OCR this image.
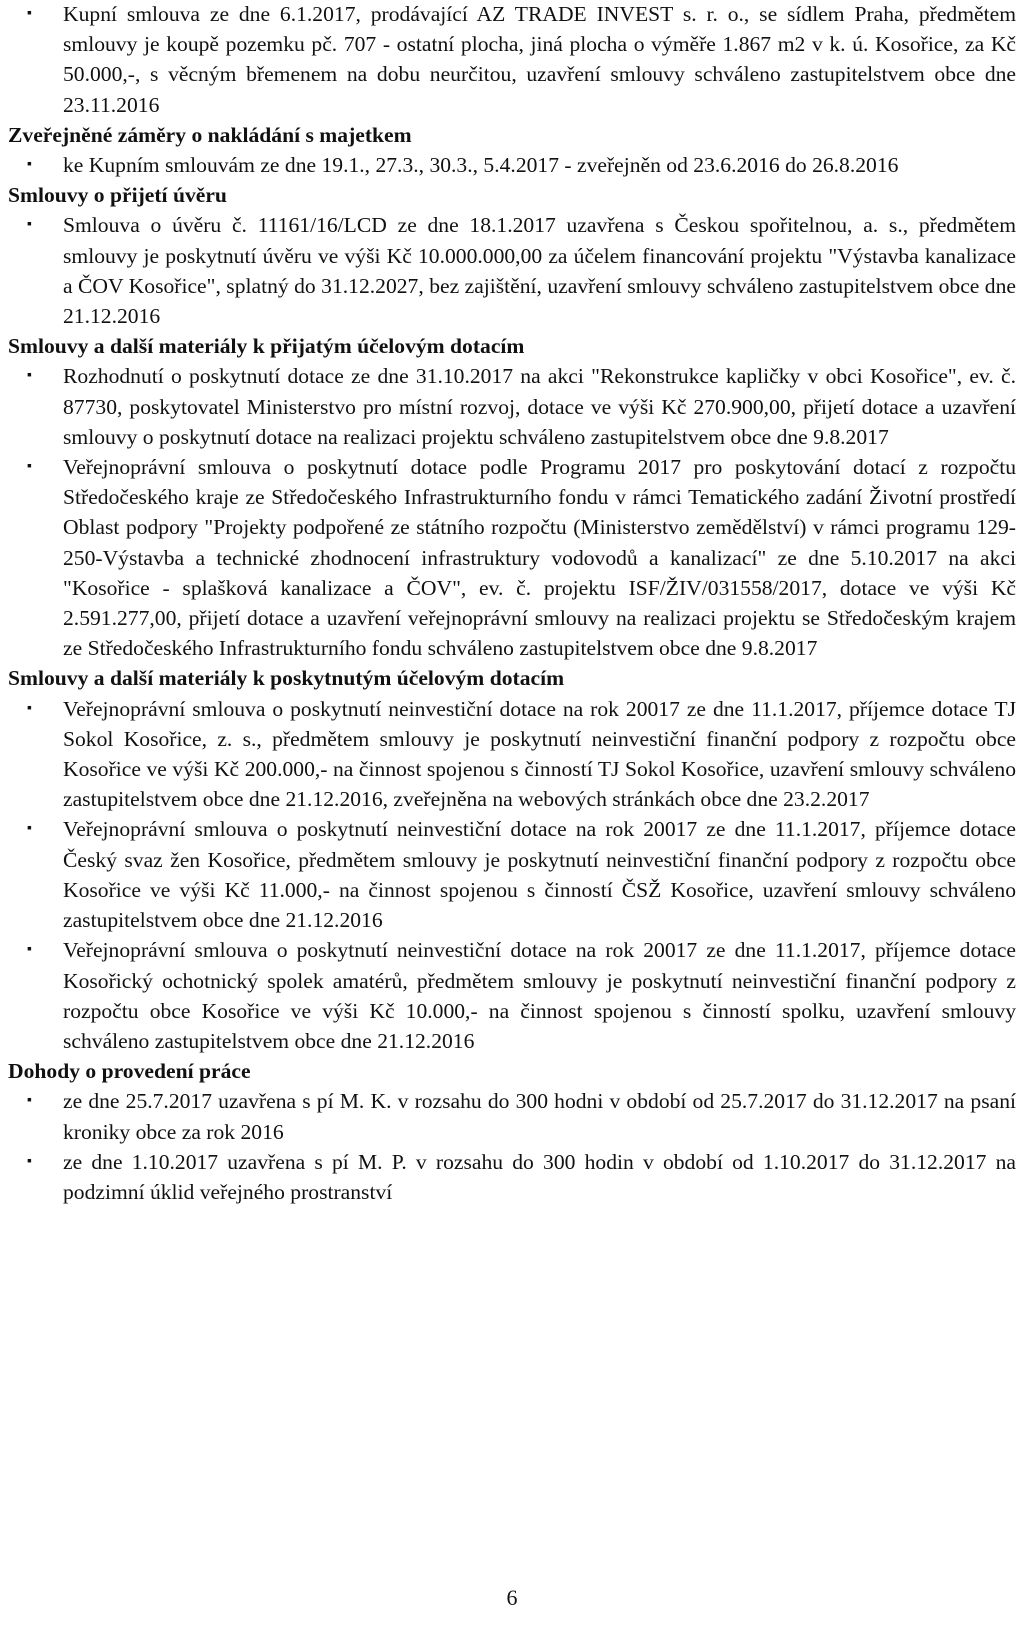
▪ Kupní smlouva ze dne 6.1.2017, prodávající AZ TRADE INVEST s. r. o., se sídlem Praha, předmětem smlouvy je koupě pozemku pč. 707 - ostatní plocha, jiná plocha o výměře 1.867 m2 v k. ú. Kosořice, za Kč 50.000,-, s věcným břemenem na dobu neurčitou, uzavření smlouvy schváleno zastupitelstvem obce dne 23.11.2016
Zveřejněné záměry o nakládání s majetkem
▪ ke Kupním smlouvám ze dne 19.1., 27.3., 30.3., 5.4.2017 - zveřejněn od 23.6.2016 do 26.8.2016
Smlouvy o přijetí úvěru
▪ Smlouva o úvěru č. 11161/16/LCD ze dne 18.1.2017 uzavřena s Českou spořitelnou, a. s., předmětem smlouvy je poskytnutí úvěru ve výši Kč 10.000.000,00 za účelem financování projektu "Výstavba kanalizace a ČOV Kosořice", splatný do 31.12.2027, bez zajištění, uzavření smlouvy schváleno zastupitelstvem obce dne 21.12.2016
Smlouvy a další materiály k přijatým účelovým dotacím
▪ Rozhodnutí o poskytnutí dotace ze dne 31.10.2017 na akci "Rekonstrukce kapličky v obci Kosořice", ev. č. 87730, poskytovatel Ministerstvo pro místní rozvoj, dotace ve výši Kč 270.900,00, přijetí dotace a uzavření smlouvy o poskytnutí dotace na realizaci projektu schváleno zastupitelstvem obce dne 9.8.2017
▪ Veřejnoprávní smlouva o poskytnutí dotace podle Programu 2017 pro poskytování dotací z rozpočtu Středočeského kraje ze Středočeského Infrastrukturního fondu v rámci Tematického zadání Životní prostředí Oblast podpory "Projekty podpořené ze státního rozpočtu (Ministerstvo zemědělství) v rámci programu 129-250-Výstavba a technické zhodnocení infrastruktury vodovodů a kanalizací" ze dne 5.10.2017 na akci "Kosořice - splašková kanalizace a ČOV", ev. č. projektu ISF/ŽIV/031558/2017, dotace ve výši Kč 2.591.277,00, přijetí dotace a uzavření veřejnoprávní smlouvy na realizaci projektu se Středočeským krajem ze Středočeského Infrastrukturního fondu schváleno zastupitelstvem obce dne 9.8.2017
Smlouvy a další materiály k poskytnutým účelovým dotacím
▪ Veřejnoprávní smlouva o poskytnutí neinvestiční dotace na rok 20017 ze dne 11.1.2017, příjemce dotace TJ Sokol Kosořice, z. s., předmětem smlouvy je poskytnutí neinvestiční finanční podpory z rozpočtu obce Kosořice ve výši Kč 200.000,- na činnost spojenou s činností TJ Sokol Kosořice, uzavření smlouvy schváleno zastupitelstvem obce dne 21.12.2016, zveřejněna na webových stránkách obce dne 23.2.2017
▪ Veřejnoprávní smlouva o poskytnutí neinvestiční dotace na rok 20017 ze dne 11.1.2017, příjemce dotace Český svaz žen Kosořice, předmětem smlouvy je poskytnutí neinvestiční finanční podpory z rozpočtu obce Kosořice ve výši Kč 11.000,- na činnost spojenou s činností ČSŽ Kosořice, uzavření smlouvy schváleno zastupitelstvem obce dne 21.12.2016
▪ Veřejnoprávní smlouva o poskytnutí neinvestiční dotace na rok 20017 ze dne 11.1.2017, příjemce dotace Kosořický ochotnický spolek amatérů, předmětem smlouvy je poskytnutí neinvestiční finanční podpory z rozpočtu obce Kosořice ve výši Kč 10.000,- na činnost spojenou s činností spolku, uzavření smlouvy schváleno zastupitelstvem obce dne 21.12.2016
Dohody o provedení práce
▪ ze dne 25.7.2017 uzavřena s pí M. K. v rozsahu do 300 hodni v období od 25.7.2017 do 31.12.2017 na psaní kroniky obce za rok 2016
▪ ze dne 1.10.2017 uzavřena s pí M. P. v rozsahu do 300 hodin v období od 1.10.2017 do 31.12.2017 na podzimní úklid veřejného prostranství
6
